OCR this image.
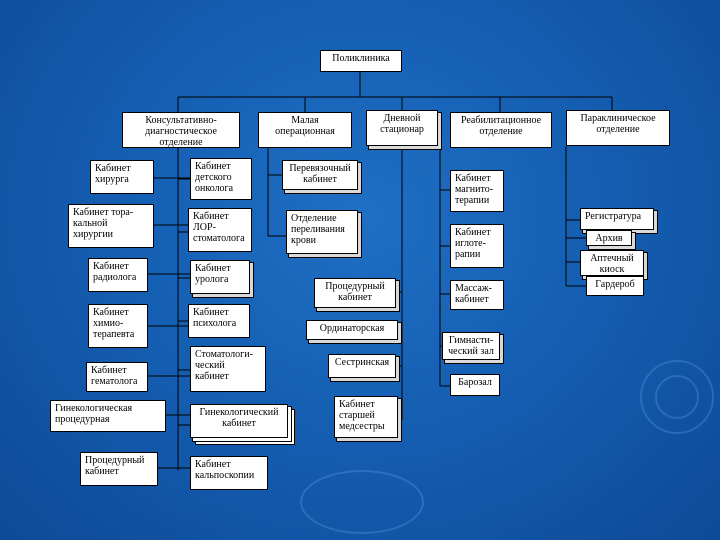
Поликлиника
Консультативно-
диагностическое
отделение
Малая
операционная
Дневной
стационар
Реабилитационное
отделение
Параклиническое
отделение
Кабинет
хирурга
Кабинет тора-
кальной
хирургии
Кабинет
радиолога
Кабинет
химио-
терапевта
Кабинет
гематолога
Гинекологическая
процедурная
Процедурный
кабинет
Кабинет
детского
онколога
Кабинет
ЛОР-
стоматолога
Кабинет
уролога
Кабинет
психолога
Стоматологи-
ческий
кабинет
Гинекологический
кабинет
Кабинет
кальпоскопии
Перевязочный
кабинет
Отделение
переливания
крови
Процедурный
кабинет
Ординаторская
Сестринская
Кабинет
старшей
медсестры
Кабинет
магнито-
терапии
Кабинет
иглоте-
рапии
Массаж-
кабинет
Гимнасти-
ческий зал
Барозал
Регистратура
Архив
Аптечный
киоск
Гардероб
